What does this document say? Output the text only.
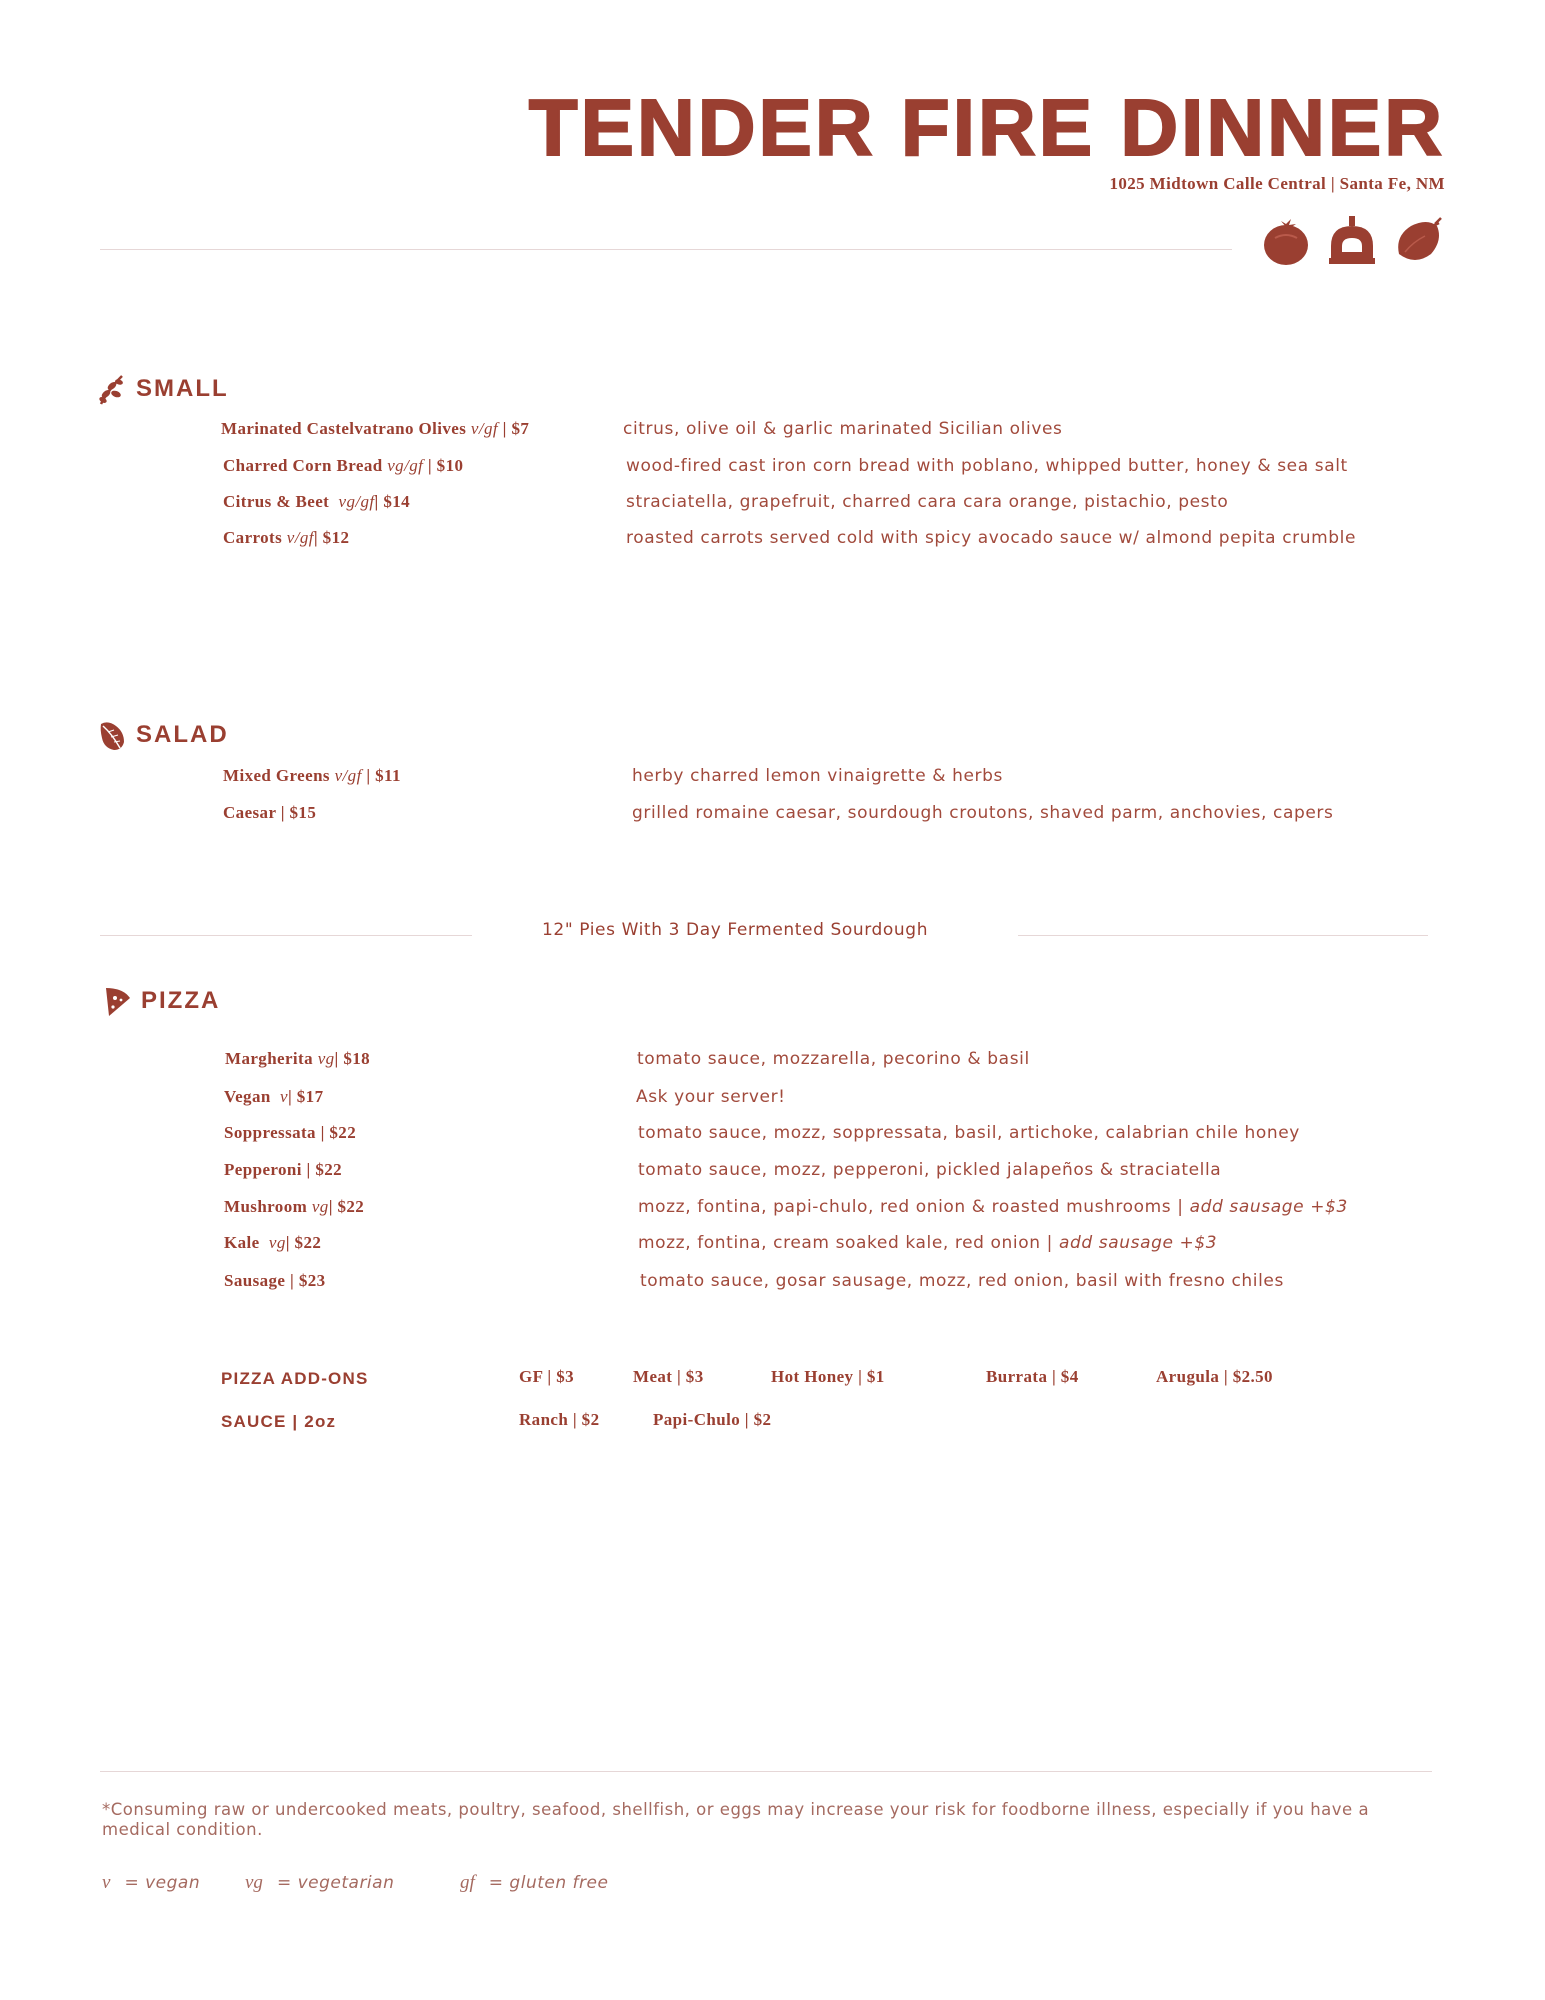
TENDER FIRE DINNER
1025 Midtown Calle Central | Santa Fe, NM
SMALL
Marinated Castelvatrano Olives v/gf | $7	citrus, olive oil & garlic marinated Sicilian olives
Charred Corn Bread vg/gf | $10	wood-fired cast iron corn bread with poblano, whipped butter, honey & sea salt
Citrus & Beet vg/gf| $14	straciatella, grapefruit, charred cara cara orange, pistachio, pesto
Carrots v/gf| $12	roasted carrots served cold with spicy avocado sauce w/ almond pepita crumble
SALAD
Mixed Greens v/gf | $11	herby charred lemon vinaigrette & herbs
Caesar | $15	grilled romaine caesar, sourdough croutons, shaved parm, anchovies, capers
12" Pies With 3 Day Fermented Sourdough
PIZZA
Margherita vg| $18	tomato sauce, mozzarella, pecorino & basil
Vegan v| $17	Ask your server!
Soppressata | $22	tomato sauce, mozz, soppressata, basil, artichoke, calabrian chile honey
Pepperoni | $22	tomato sauce, mozz, pepperoni, pickled jalapeños & straciatella
Mushroom vg| $22	mozz, fontina, papi-chulo, red onion & roasted mushrooms | add sausage +$3
Kale vg| $22	mozz, fontina, cream soaked kale, red onion | add sausage +$3
Sausage | $23	tomato sauce, gosar sausage, mozz, red onion, basil with fresno chiles
PIZZA ADD-ONS	GF | $3	Meat | $3	Hot Honey | $1	Burrata | $4	Arugula | $2.50
SAUCE | 2oz	Ranch | $2	Papi-Chulo | $2
*Consuming raw or undercooked meats, poultry, seafood, shellfish, or eggs may increase your risk for foodborne illness, especially if you have a medical condition.
v = vegan vg = vegetarian	gf = gluten free
